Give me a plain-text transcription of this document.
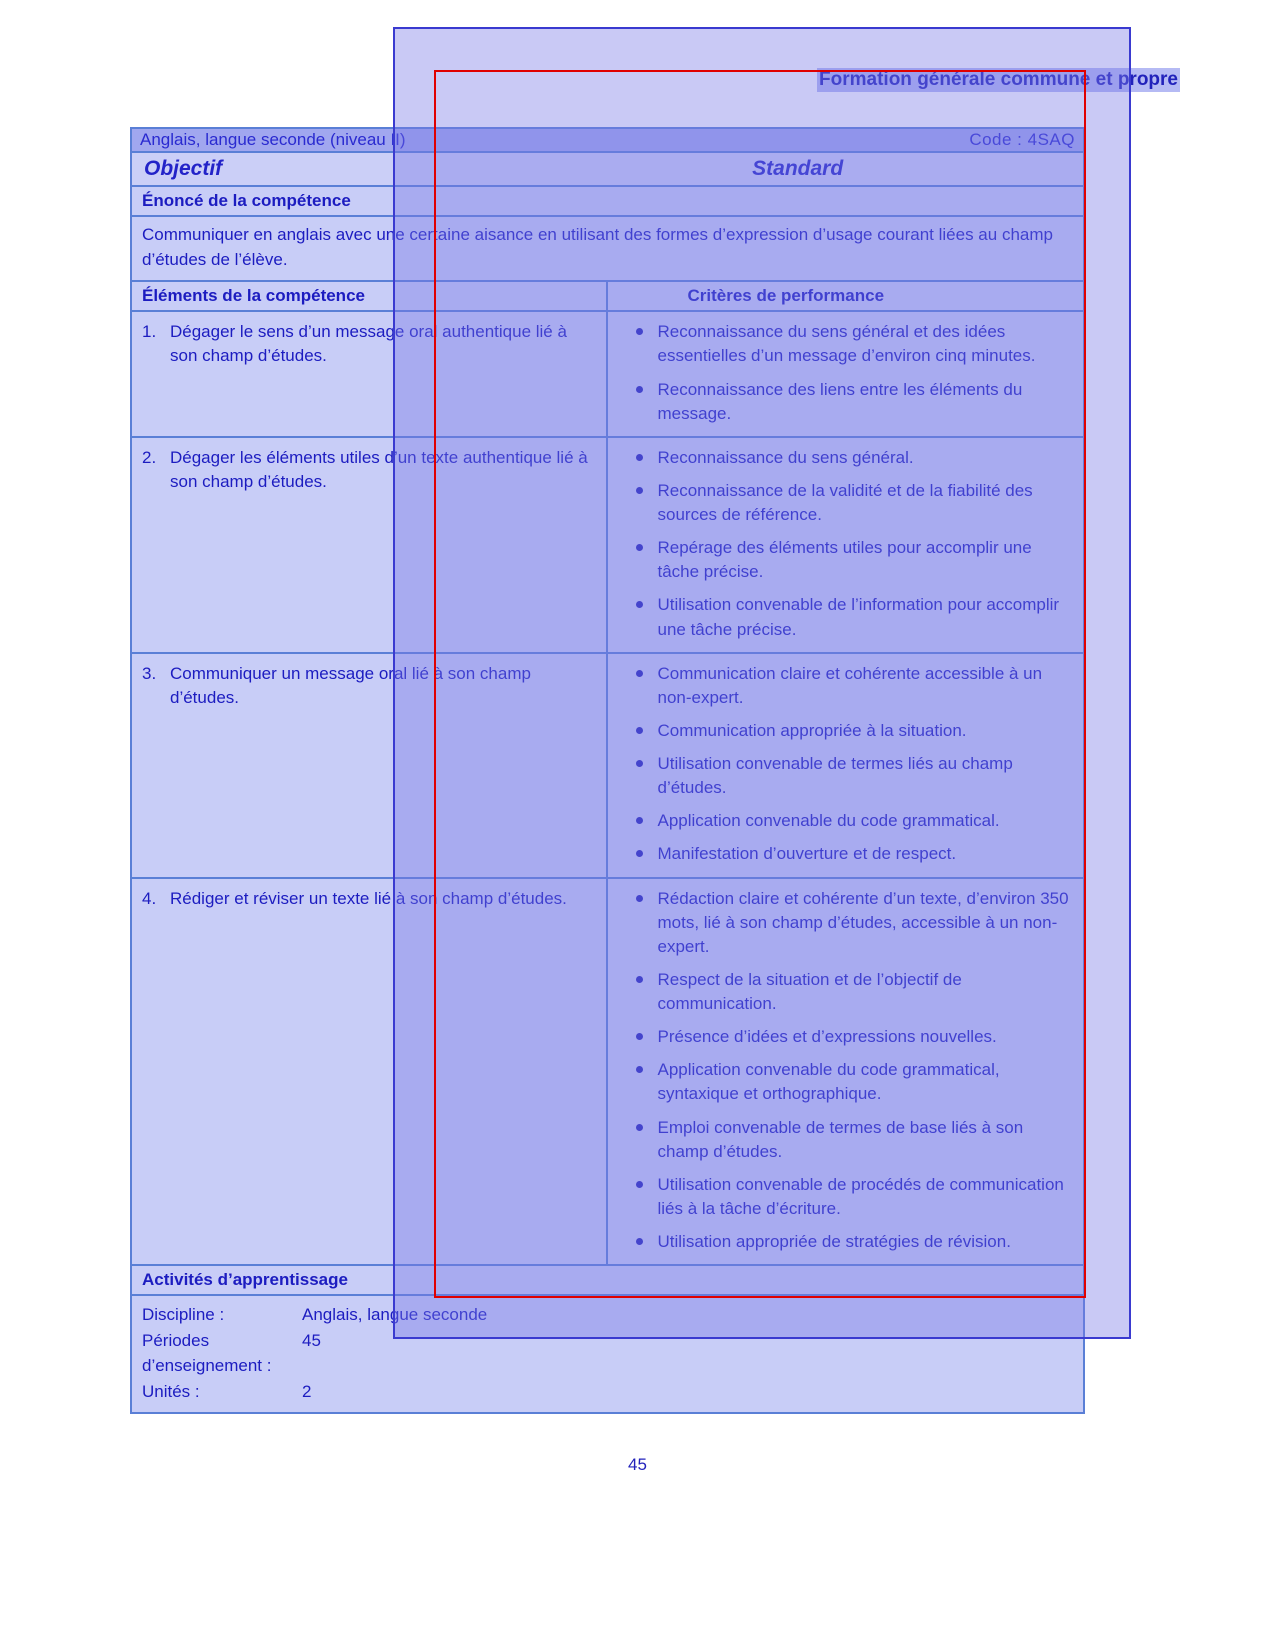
Formation générale commune et propre
Anglais, langue seconde (niveau II)	Code : 4SAQ
Objectif	Standard
Énoncé de la compétence
Communiquer en anglais avec une certaine aisance en utilisant des formes d’expression d’usage courant liées au champ d’études de l’élève.
Éléments de la compétence	Critères de performance
1. Dégager le sens d’un message oral authentique lié à son champ d’études.
Reconnaissance du sens général et des idées essentielles d’un message d’environ cinq minutes.
Reconnaissance des liens entre les éléments du message.
2. Dégager les éléments utiles d’un texte authentique lié à son champ d’études.
Reconnaissance du sens général.
Reconnaissance de la validité et de la fiabilité des sources de référence.
Repérage des éléments utiles pour accomplir une tâche précise.
Utilisation convenable de l’information pour accomplir une tâche précise.
3. Communiquer un message oral lié à son champ d’études.
Communication claire et cohérente accessible à un non-expert.
Communication appropriée à la situation.
Utilisation convenable de termes liés au champ d’études.
Application convenable du code grammatical.
Manifestation d’ouverture et de respect.
4. Rédiger et réviser un texte lié à son champ d’études.	Rédaction claire et cohérente d’un texte, d’environ 350 mots, lié à son champ d’études, accessible à un non-expert.
Respect de la situation et de l’objectif de communication.
Présence d’idées et d’expressions nouvelles.
Application convenable du code grammatical, syntaxique et orthographique.
Emploi convenable de termes de base liés à son champ d’études.
Utilisation convenable de procédés de communication liés à la tâche d’écriture.
Utilisation appropriée de stratégies de révision.
Activités d’apprentissage
Discipline :	Anglais, langue seconde
Périodes d’enseignement :
45
Unités :	2
45
